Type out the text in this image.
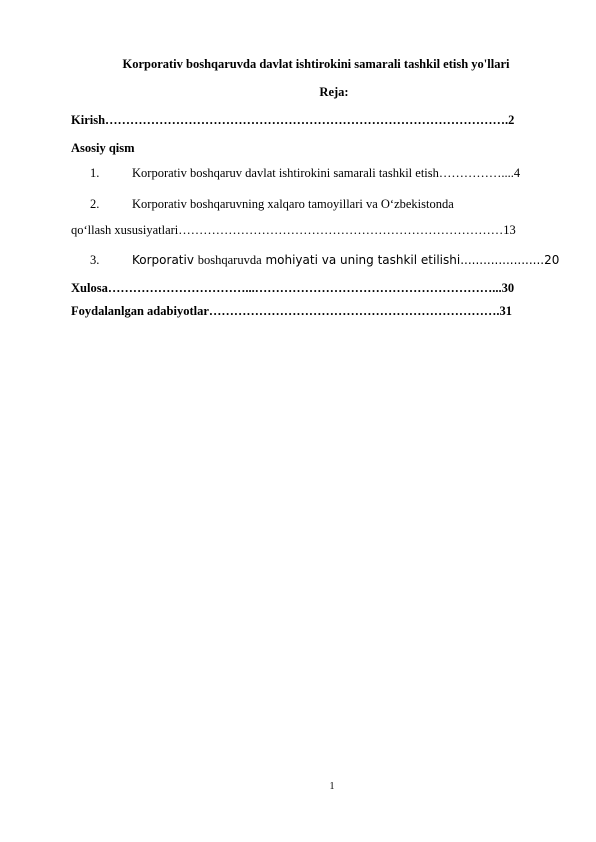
Korporativ boshqaruvda davlat ishtirokini samarali tashkil etish yo'llari
Reja:
Kirish…………………………………………………………………………………….2
Asosiy qism
1.	Korporativ boshqaruv davlat ishtirokini samarali tashkil etish……………....4
2.	Korporativ boshqaruvning xalqaro tamoyillari va O‘zbekistonda
qo‘llash xususiyatlari……………………………………………………………………13
3.	Korporativ boshqaruvda mohiyati va uning tashkil etilishi......................20
Xulosa……………………………...…………………………………………………...30
Foydalanlgan adabiyotlar…………………………………………………………….31
1
